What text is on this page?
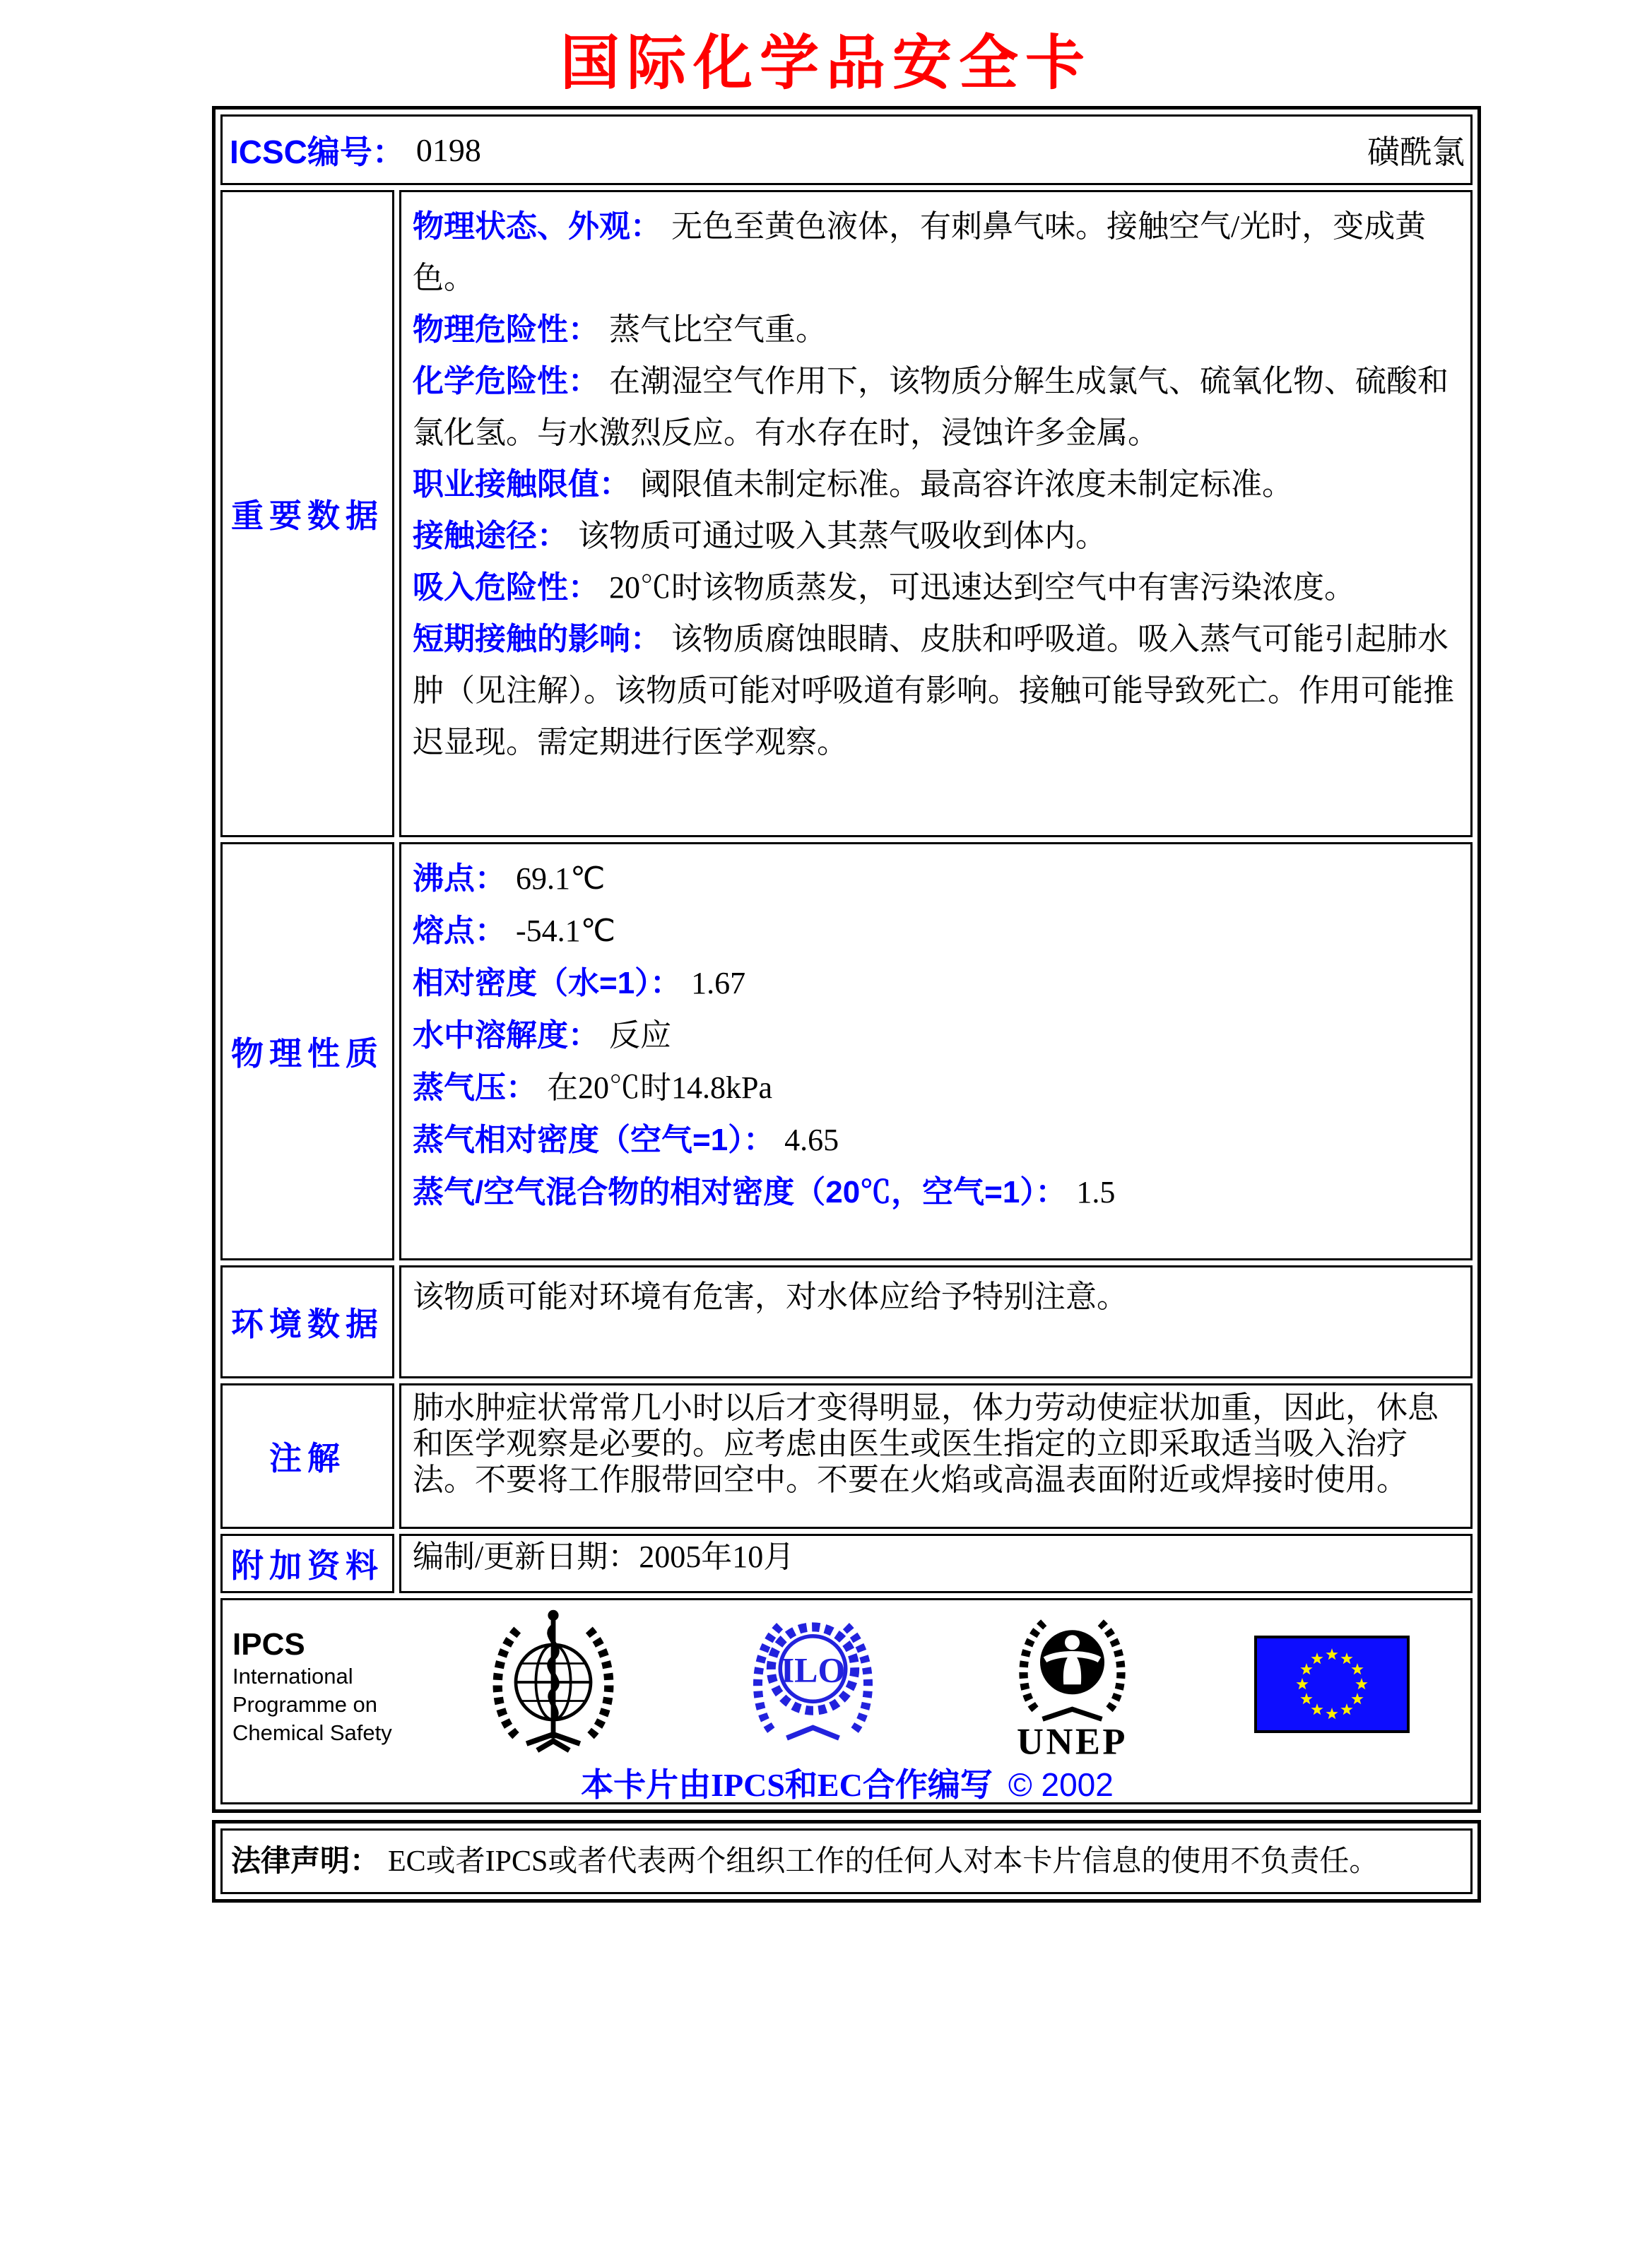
国际化学品安全卡
ICSC编号： 0198	磺酰氯
重要数据
物理状态、外观： 无色至黄色液体，有刺鼻气味。接触空气/光时，变成黄色。
物理危险性： 蒸气比空气重。
化学危险性： 在潮湿空气作用下，该物质分解生成氯气、硫氧化物、硫酸和氯化氢。与水激烈反应。有水存在时，浸蚀许多金属。
职业接触限值： 阈限值未制定标准。最高容许浓度未制定标准。
接触途径： 该物质可通过吸入其蒸气吸收到体内。
吸入危险性： 20℃时该物质蒸发，可迅速达到空气中有害污染浓度。
短期接触的影响： 该物质腐蚀眼睛、皮肤和呼吸道。吸入蒸气可能引起肺水肿（见注解）。该物质可能对呼吸道有影响。接触可能导致死亡。作用可能推迟显现。需定期进行医学观察。
物理性质
沸点： 69.1℃
熔点： -54.1℃
相对密度（水=1）： 1.67
水中溶解度： 反应
蒸气压： 在20℃时14.8kPa
蒸气相对密度（空气=1）： 4.65
蒸气/空气混合物的相对密度（20℃，空气=1）： 1.5
环境数据
该物质可能对环境有危害，对水体应给予特别注意。
注解
肺水肿症状常常几小时以后才变得明显，体力劳动使症状加重，因此，休息和医学观察是必要的。应考虑由医生或医生指定的立即采取适当吸入治疗法。不要将工作服带回空中。不要在火焰或高温表面附近或焊接时使用。
附加资料 编制/更新日期：2005年10月
IPCS
International
Programme on
Chemical Safety
ILO
UNEP
本卡片由IPCS和EC合作编写 © 2002
法律声明： EC或者IPCS或者代表两个组织工作的任何人对本卡片信息的使用不负责任。
